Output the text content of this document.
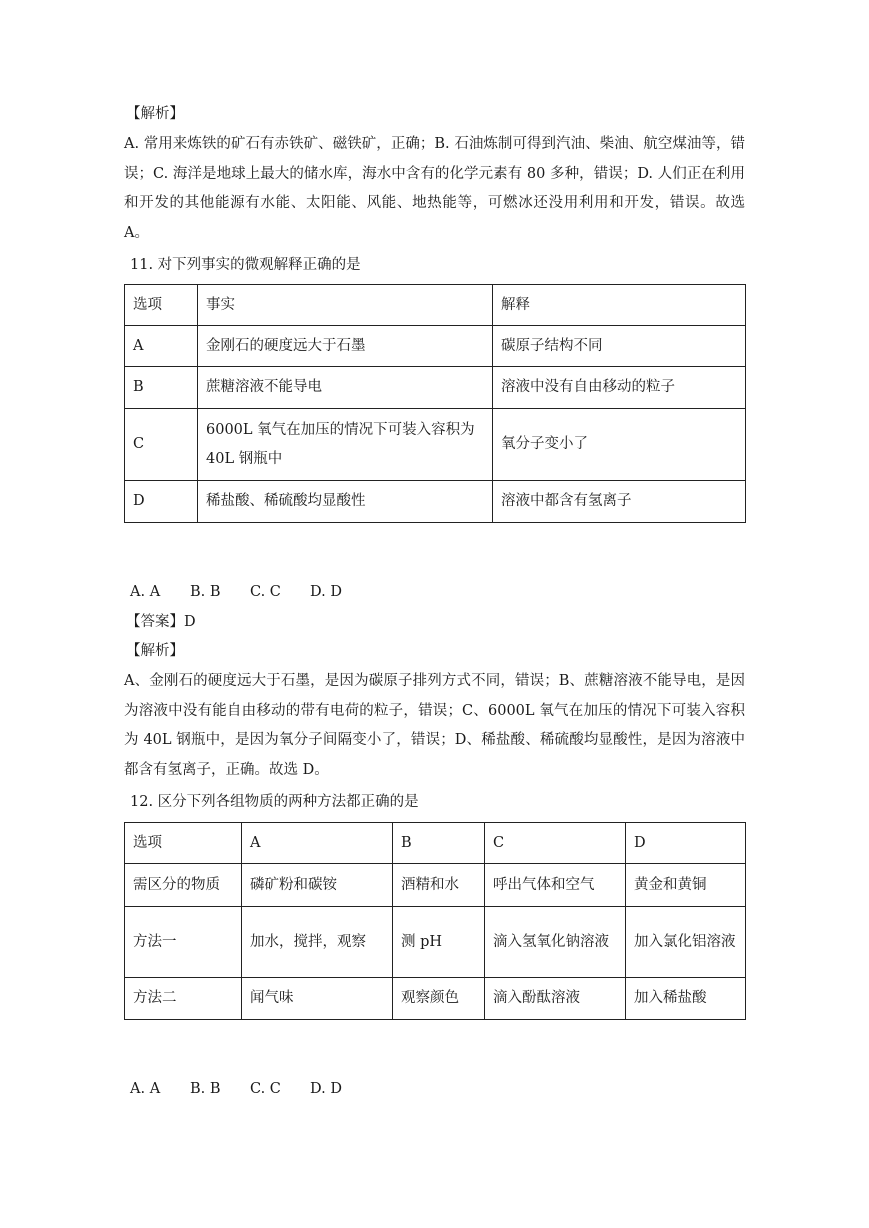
【解析】
A. 常用来炼铁的矿石有赤铁矿、磁铁矿，正确；B. 石油炼制可得到汽油、柴油、航空煤油等，错误；C. 海洋是地球上最大的储水库，海水中含有的化学元素有 80 多种，错误；D. 人们正在利用和开发的其他能源有水能、太阳能、风能、地热能等，可燃冰还没用利用和开发，错误。故选 A。
11. 对下列事实的微观解释正确的是
选项	事实	解释
A	金刚石的硬度远大于石墨	碳原子结构不同
B	蔗糖溶液不能导电	溶液中没有自由移动的粒子
C	6000L 氧气在加压的情况下可装入容积为 40L 钢瓶中	氧分子变小了
D	稀盐酸、稀硫酸均显酸性	溶液中都含有氢离子
A. A B. B C. C D. D
【答案】D
【解析】
A、金刚石的硬度远大于石墨，是因为碳原子排列方式不同，错误；B、蔗糖溶液不能导电，是因为溶液中没有能自由移动的带有电荷的粒子，错误；C、6000L 氧气在加压的情况下可装入容积为 40L 钢瓶中，是因为氧分子间隔变小了，错误；D、稀盐酸、稀硫酸均显酸性，是因为溶液中都含有氢离子，正确。故选 D。
12. 区分下列各组物质的两种方法都正确的是
选项	A	B	C	D
需区分的物质	磷矿粉和碳铵	酒精和水	呼出气体和空气	黄金和黄铜
方法一	加水，搅拌，观察	测 pH	滴入氢氧化钠溶液	加入氯化铝溶液
方法二	闻气味	观察颜色	滴入酚酞溶液	加入稀盐酸
A. A B. B C. C D. D
